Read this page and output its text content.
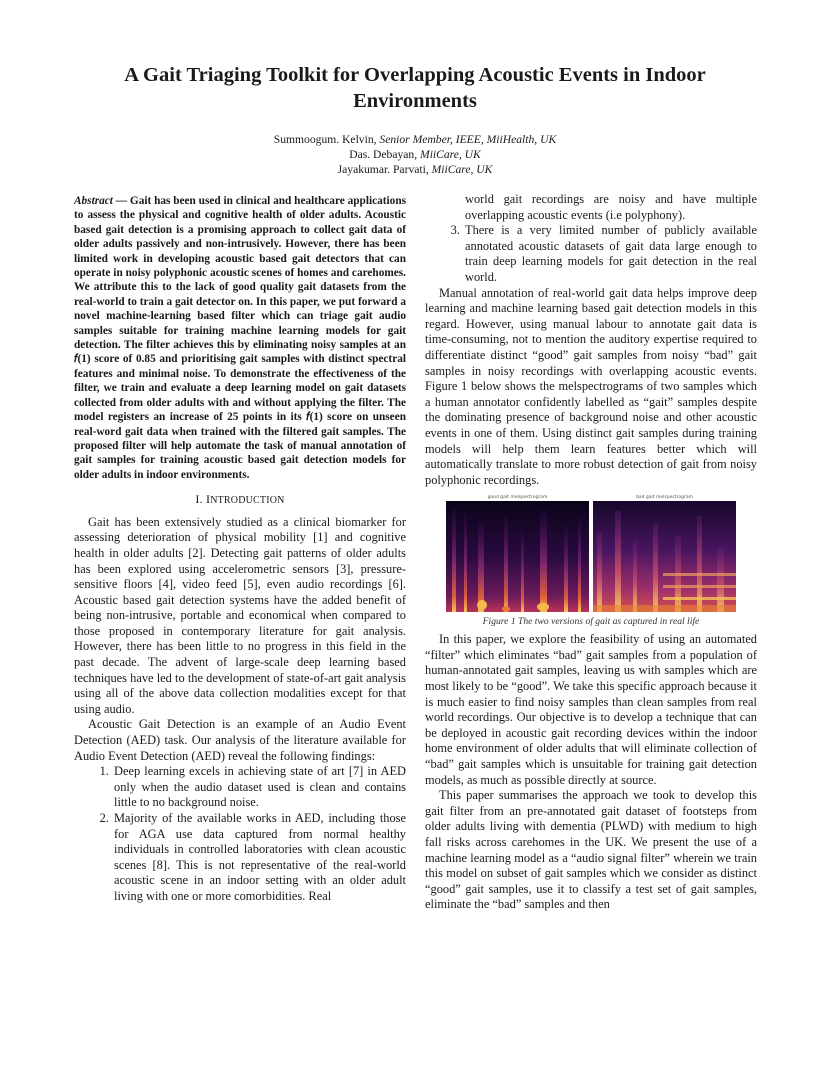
A Gait Triaging Toolkit for Overlapping Acoustic Events in Indoor Environments
Summoogum. Kelvin, Senior Member, IEEE, MiiHealth, UK
Das. Debayan, MiiCare, UK
Jayakumar. Parvati, MiiCare, UK
Abstract — Gait has been used in clinical and healthcare applications to assess the physical and cognitive health of older adults. Acoustic based gait detection is a promising approach to collect gait data of older adults passively and non-intrusively. However, there has been limited work in developing acoustic based gait detectors that can operate in noisy polyphonic acoustic scenes of homes and carehomes. We attribute this to the lack of good quality gait datasets from the real-world to train a gait detector on. In this paper, we put forward a novel machine-learning based filter which can triage gait audio samples suitable for training machine learning models for gait detection. The filter achieves this by eliminating noisy samples at an 𝑓(1) score of 0.85 and prioritising gait samples with distinct spectral features and minimal noise. To demonstrate the effectiveness of the filter, we train and evaluate a deep learning model on gait datasets collected from older adults with and without applying the filter. The model registers an increase of 25 points in its 𝑓(1) score on unseen real-word gait data when trained with the filtered gait samples. The proposed filter will help automate the task of manual annotation of gait samples for training acoustic based gait detection models for older adults in indoor environments.
I. INTRODUCTION

Gait has been extensively studied as a clinical biomarker for assessing deterioration of physical mobility [1] and cognitive health in older adults [2]. Detecting gait patterns of older adults has been explored using accelerometric sensors [3], pressure-sensitive floors [4], video feed [5], even audio recordings [6]. Acoustic based gait detection systems have the added benefit of being non-intrusive, portable and economical when compared to those proposed in contemporary literature for gait analysis. However, there has been little to no progress in this field in the past decade. The advent of large-scale deep learning based techniques have led to the development of state-of-art gait analysis using all of the above data collection modalities except for that using audio.

Acoustic Gait Detection is an example of an Audio Event Detection (AED) task. Our analysis of the literature available for Audio Event Detection (AED) reveal the following findings:

1. Deep learning excels in achieving state of art [7] in AED only when the audio dataset used is clean and contains little to no background noise.
2. Majority of the available works in AED, including those for AGA use data captured from normal healthy individuals in controlled laboratories with clean acoustic scenes [8]. This is not representative of the real-world acoustic scene in an indoor setting with an older adult living with one or more comorbidities. Real
world gait recordings are noisy and have multiple overlapping acoustic events (i.e polyphony).
3. There is a very limited number of publicly available annotated acoustic datasets of gait data large enough to train deep learning models for gait detection in the real world.

Manual annotation of real-world gait data helps improve deep learning and machine learning based gait detection models in this regard. However, using manual labour to annotate gait data is time-consuming, not to mention the auditory expertise required to differentiate distinct “good” gait samples from noisy “bad” gait samples in noisy recordings with overlapping acoustic events. Figure 1 below shows the melspectrograms of two samples which a human annotator confidently labelled as “gait” samples despite the dominating presence of background noise and other acoustic events in one of them. Using distinct gait samples during training models will help them learn features better which will automatically translate to more robust detection of gait from noisy polyphonic recordings.

good gait melspectrogram	bad gait melspectrogram
Figure 1 The two versions of gait as captured in real life

In this paper, we explore the feasibility of using an automated “filter” which eliminates “bad” gait samples from a population of human-annotated gait samples, leaving us with samples which are most likely to be “good”. We take this specific approach because it is much easier to find noisy samples than clean samples from real world recordings. Our objective is to develop a technique that can be deployed in acoustic gait recording devices within the indoor home environment of older adults that will eliminate collection of “bad” gait samples which is unsuitable for training gait detection models, as much as possible directly at source.

This paper summarises the approach we took to develop this gait filter from an pre-annotated gait dataset of footsteps from older adults living with dementia (PLWD) with medium to high fall risks across carehomes in the UK. We present the use of a machine learning model as a “audio signal filter” wherein we train this model on subset of gait samples which we consider as distinct “good” gait samples, use it to classify a test set of gait samples, eliminate the “bad” samples and then
